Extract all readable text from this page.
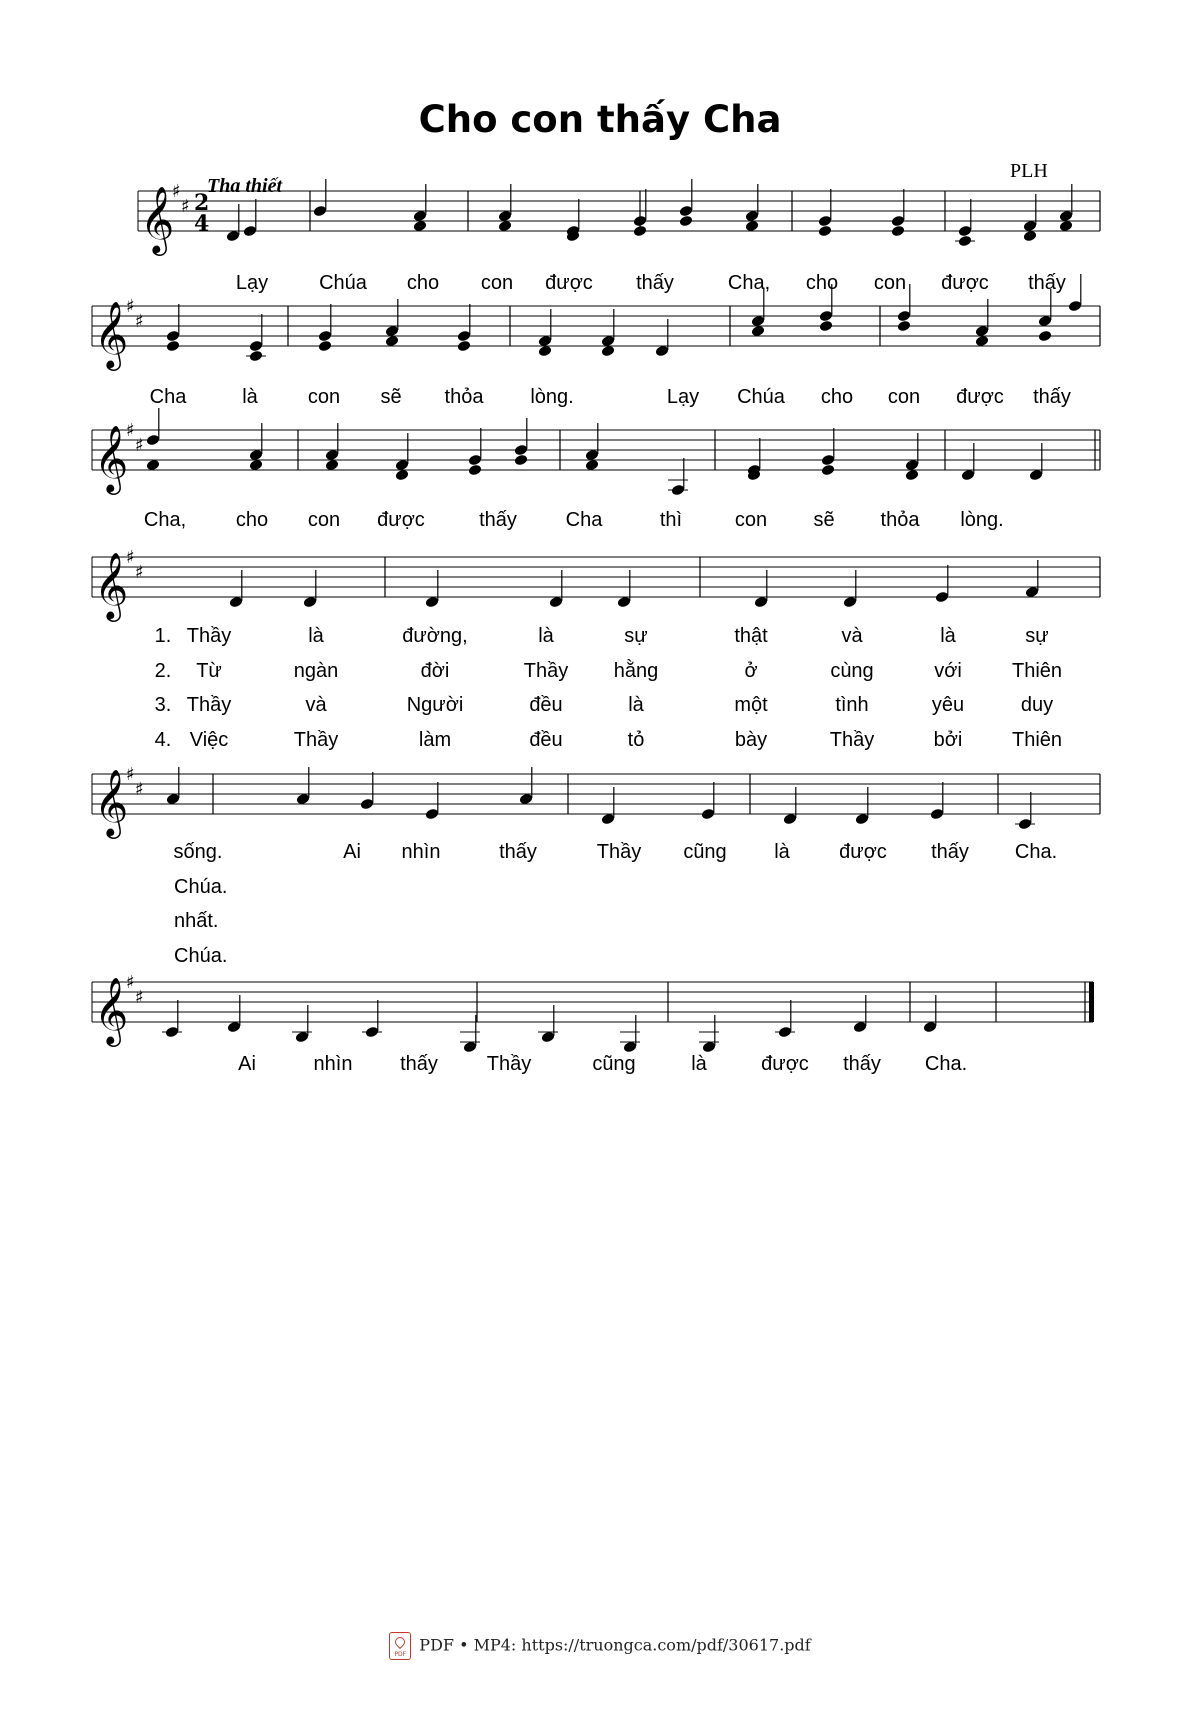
Cho con thấy Cha
PLH
Tha thiết
𝄞
♯
♯ 2
4
𝄞
♯
♯
𝄞
♯
♯
𝄞
♯
♯
𝄞
♯
♯
𝄞
♯
♯
Lạy	Chúa cho con được thấy	Cha, cho con được thấy
Cha	là	con sẽ thỏa lòng.	Lạy Chúa cho con được thấy
Cha, cho con được	thấy Cha	thì	con sẽ thỏa lòng.
1. Thầy	là	đường,	là	sự	thật	và	là	sự
2. Từ	ngàn	đời	Thầy hằng	ở	cùng	với	Thiên
3. Thầy	và	Người	đều	là	một	tình	yêu	duy
4. Việc	Thầy	làm	đều	tỏ	bày	Thầy	bởi Thiên
sống.	Ai nhìn	thấy	Thầy cũng là được thấy Cha.
Chúa.
nhất.
Chúa.
Ai	nhìn thấy Thầy	cũng	là	được thấy Cha.
PDFPDF • MP4: https://truongca.com/pdf/30617.pdf
